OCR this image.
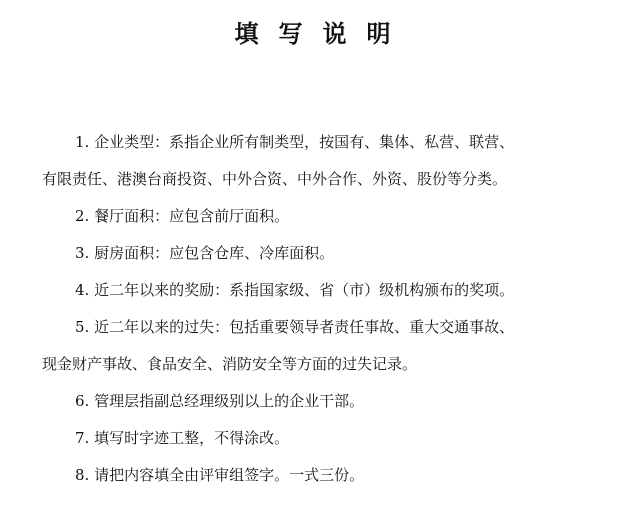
填写说明
1. 企业类型：系指企业所有制类型，按国有、集体、私营、联营、
有限责任、港澳台商投资、中外合资、中外合作、外资、股份等分类。
2. 餐厅面积：应包含前厅面积。
3. 厨房面积：应包含仓库、冷库面积。
4. 近二年以来的奖励：系指国家级、省（市）级机构颁布的奖项。
5. 近二年以来的过失：包括重要领导者责任事故、重大交通事故、
现金财产事故、食品安全、消防安全等方面的过失记录。
6. 管理层指副总经理级别以上的企业干部。
7. 填写时字迹工整，不得涂改。
8. 请把内容填全由评审组签字。一式三份。
